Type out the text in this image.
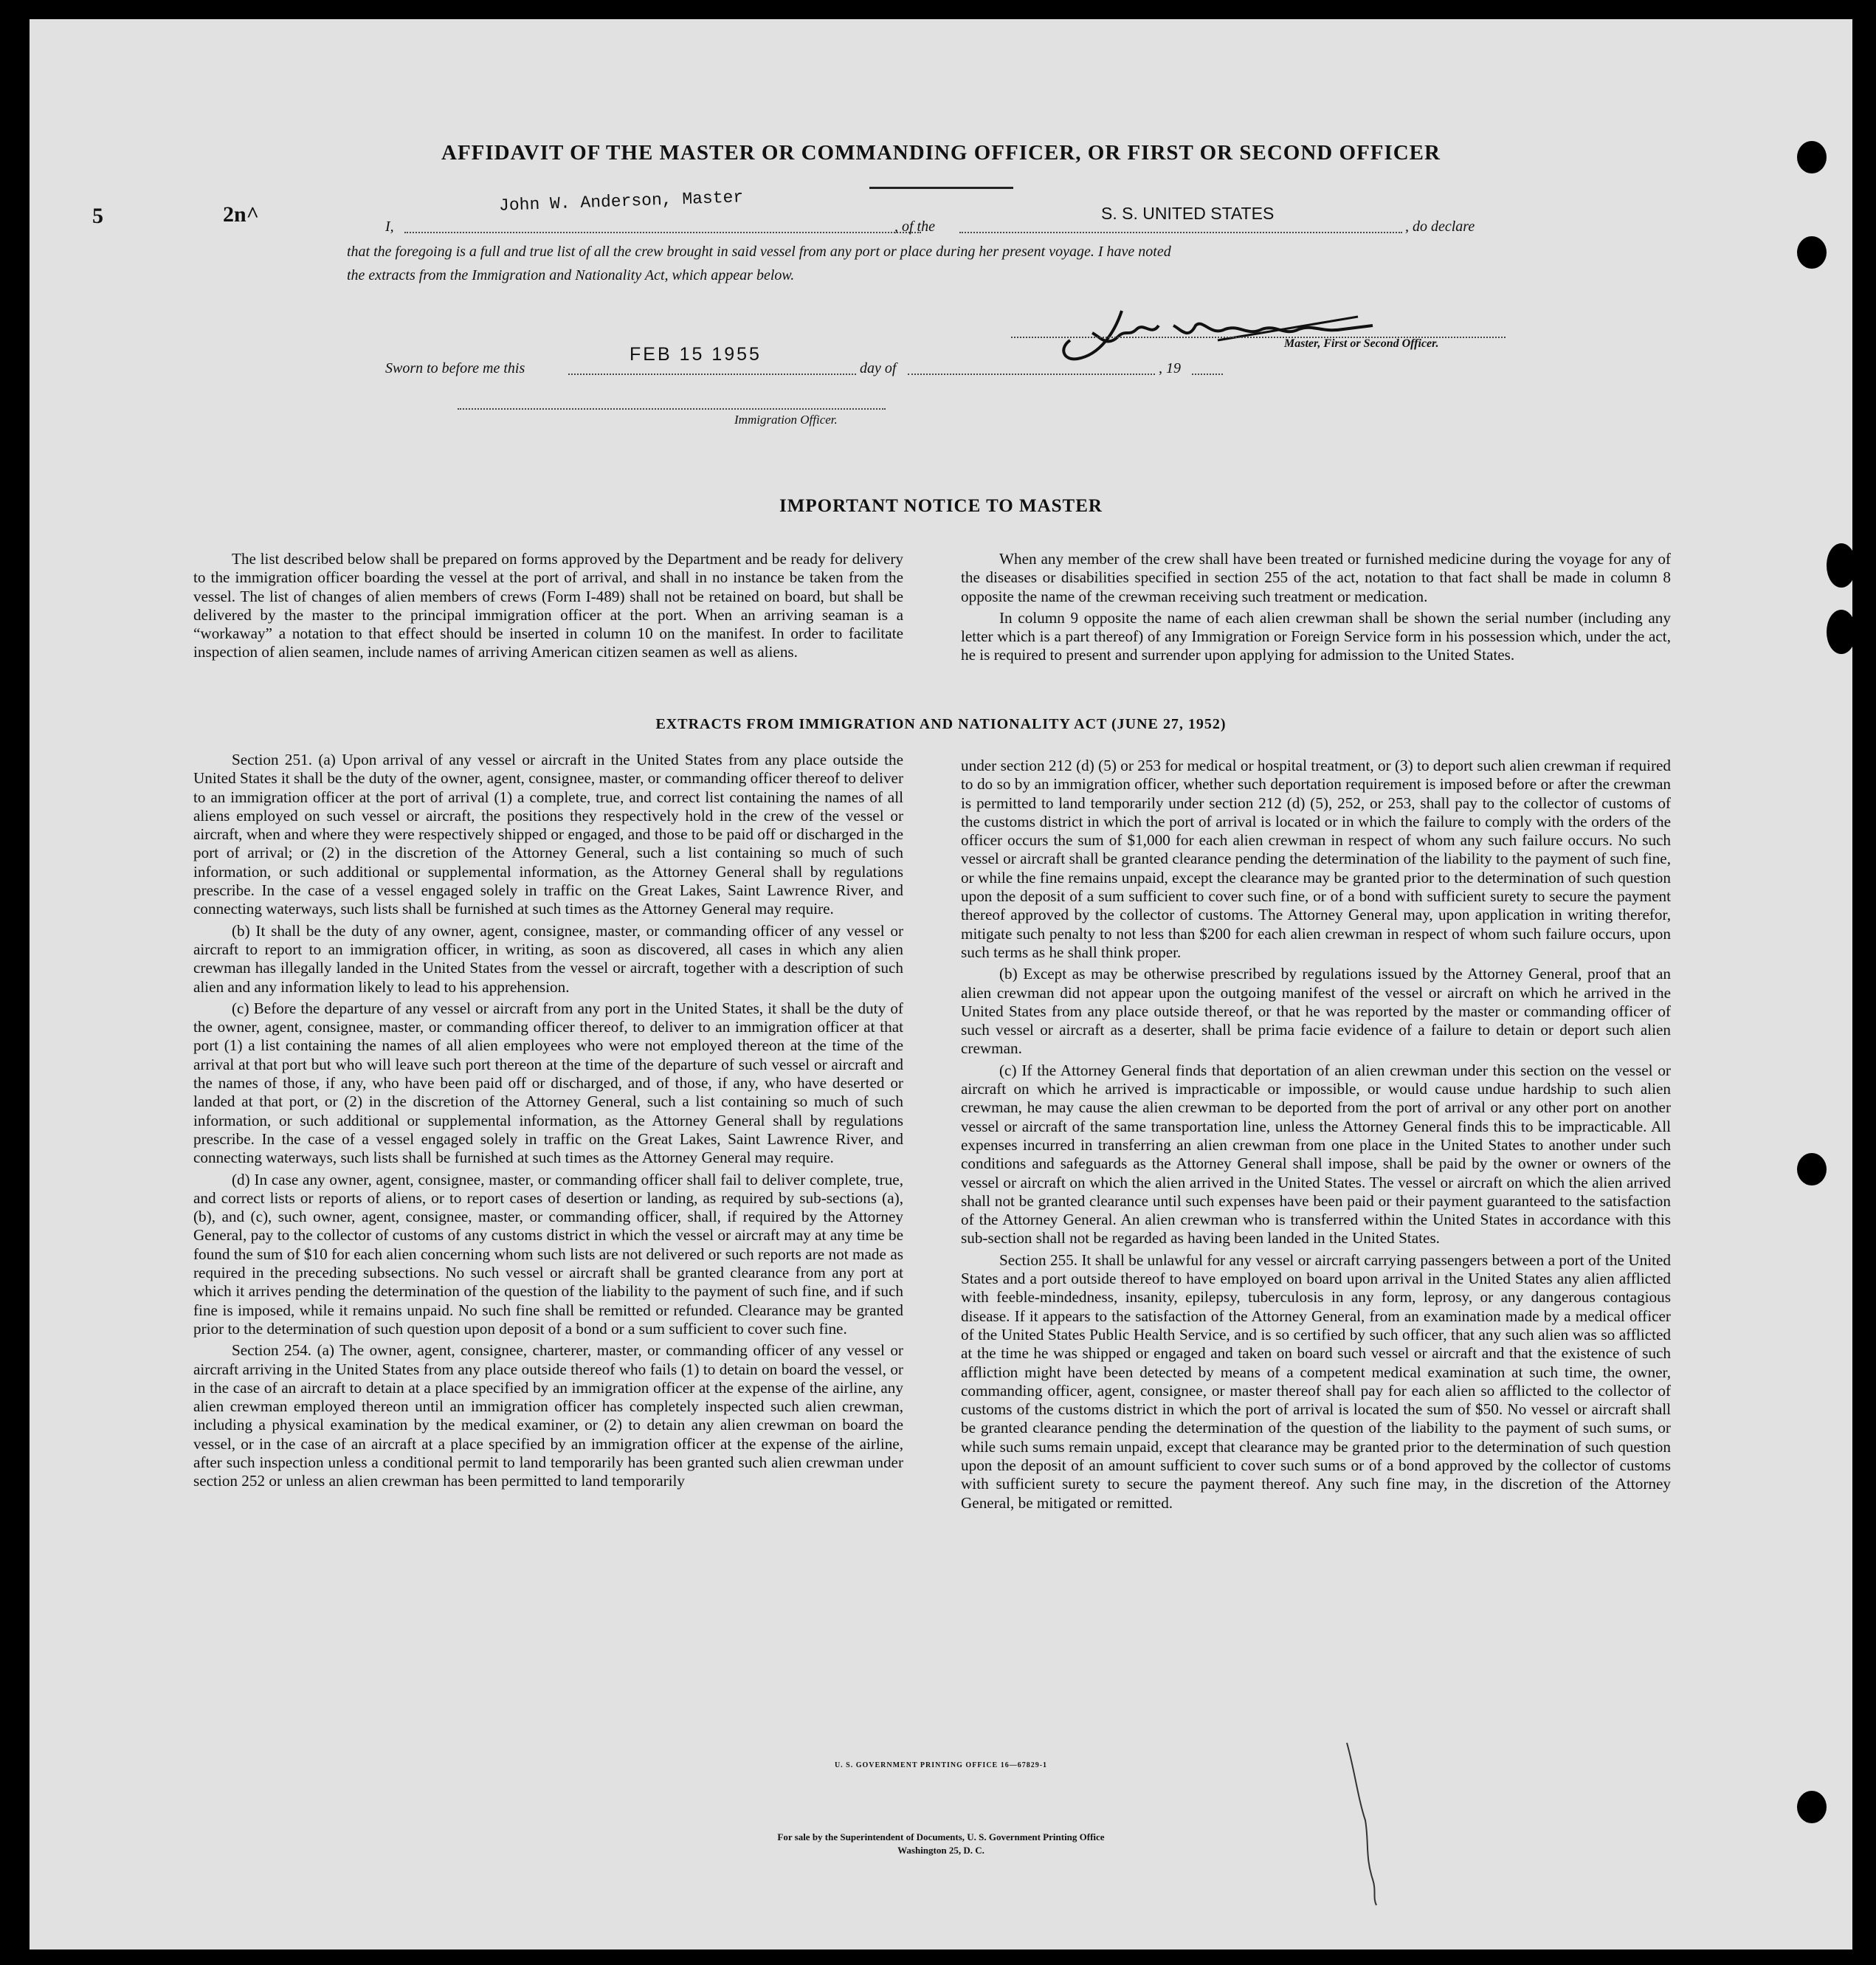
5	2n^
AFFIDAVIT OF THE MASTER OR COMMANDING OFFICER, OR FIRST OR SECOND OFFICER
John W. Anderson, Master	S. S. UNITED STATES
I,	, of the	, do declare
that the foregoing is a full and true list of all the crew brought in said vessel from any port or place during her present voyage. I have noted
the extracts from the Immigration and Nationality Act, which appear below.
Master, First or Second Officer.
Sworn to before me this
FEB 15 1955
day of	, 19
Immigration Officer.
IMPORTANT NOTICE TO MASTER

The list described below shall be prepared on forms approved by the Department and be ready for delivery to the immigration officer boarding the vessel at the port of arrival, and shall in no instance be taken from the vessel. The list of changes of alien members of crews (Form I-489) shall not be retained on board, but shall be delivered by the master to the principal immigration officer at the port. When an arriving seaman is a “workaway” a notation to that effect should be inserted in column 10 on the manifest. In order to facilitate inspection of alien seamen, include names of arriving American citizen seamen as well as aliens.

When any member of the crew shall have been treated or furnished medicine during the voyage for any of the diseases or disabilities specified in section 255 of the act, notation to that fact shall be made in column 8 opposite the name of the crewman receiving such treatment or medication.

In column 9 opposite the name of each alien crewman shall be shown the serial number (including any letter which is a part thereof) of any Immigration or Foreign Service form in his possession which, under the act, he is required to present and surrender upon applying for admission to the United States.

EXTRACTS FROM IMMIGRATION AND NATIONALITY ACT (JUNE 27, 1952)

Section 251. (a) Upon arrival of any vessel or aircraft in the United States from any place outside the United States it shall be the duty of the owner, agent, consignee, master, or commanding officer thereof to deliver to an immigration officer at the port of arrival (1) a complete, true, and correct list containing the names of all aliens employed on such vessel or aircraft, the positions they respectively hold in the crew of the vessel or aircraft, when and where they were respectively shipped or engaged, and those to be paid off or discharged in the port of arrival; or (2) in the discretion of the Attorney General, such a list containing so much of such information, or such additional or supplemental information, as the Attorney General shall by regulations prescribe. In the case of a vessel engaged solely in traffic on the Great Lakes, Saint Lawrence River, and connecting waterways, such lists shall be furnished at such times as the Attorney General may require.

(b) It shall be the duty of any owner, agent, consignee, master, or commanding officer of any vessel or aircraft to report to an immigration officer, in writing, as soon as discovered, all cases in which any alien crewman has illegally landed in the United States from the vessel or aircraft, together with a description of such alien and any information likely to lead to his apprehension.

(c) Before the departure of any vessel or aircraft from any port in the United States, it shall be the duty of the owner, agent, consignee, master, or commanding officer thereof, to deliver to an immigration officer at that port (1) a list containing the names of all alien employees who were not employed thereon at the time of the arrival at that port but who will leave such port thereon at the time of the departure of such vessel or aircraft and the names of those, if any, who have been paid off or discharged, and of those, if any, who have deserted or landed at that port, or (2) in the discretion of the Attorney General, such a list containing so much of such information, or such additional or supplemental information, as the Attorney General shall by regulations prescribe. In the case of a vessel engaged solely in traffic on the Great Lakes, Saint Lawrence River, and connecting waterways, such lists shall be furnished at such times as the Attorney General may require.

(d) In case any owner, agent, consignee, master, or commanding officer shall fail to deliver complete, true, and correct lists or reports of aliens, or to report cases of desertion or landing, as required by sub-sections (a), (b), and (c), such owner, agent, consignee, master, or commanding officer, shall, if required by the Attorney General, pay to the collector of customs of any customs district in which the vessel or aircraft may at any time be found the sum of $10 for each alien concerning whom such lists are not delivered or such reports are not made as required in the preceding subsections. No such vessel or aircraft shall be granted clearance from any port at which it arrives pending the determination of the question of the liability to the payment of such fine, and if such fine is imposed, while it remains unpaid. No such fine shall be remitted or refunded. Clearance may be granted prior to the determination of such question upon deposit of a bond or a sum sufficient to cover such fine.

Section 254. (a) The owner, agent, consignee, charterer, master, or commanding officer of any vessel or aircraft arriving in the United States from any place outside thereof who fails (1) to detain on board the vessel, or in the case of an aircraft to detain at a place specified by an immigration officer at the expense of the airline, any alien crewman employed thereon until an immigration officer has completely inspected such alien crewman, including a physical examination by the medical examiner, or (2) to detain any alien crewman on board the vessel, or in the case of an aircraft at a place specified by an immigration officer at the expense of the airline, after such inspection unless a conditional permit to land temporarily has been granted such alien crewman under section 252 or unless an alien crewman has been permitted to land temporarily

under section 212 (d) (5) or 253 for medical or hospital treatment, or (3) to deport such alien crewman if required to do so by an immigration officer, whether such deportation requirement is imposed before or after the crewman is permitted to land temporarily under section 212 (d) (5), 252, or 253, shall pay to the collector of customs of the customs district in which the port of arrival is located or in which the failure to comply with the orders of the officer occurs the sum of $1,000 for each alien crewman in respect of whom any such failure occurs. No such vessel or aircraft shall be granted clearance pending the determination of the liability to the payment of such fine, or while the fine remains unpaid, except the clearance may be granted prior to the determination of such question upon the deposit of a sum sufficient to cover such fine, or of a bond with sufficient surety to secure the payment thereof approved by the collector of customs. The Attorney General may, upon application in writing therefor, mitigate such penalty to not less than $200 for each alien crewman in respect of whom such failure occurs, upon such terms as he shall think proper.

(b) Except as may be otherwise prescribed by regulations issued by the Attorney General, proof that an alien crewman did not appear upon the outgoing manifest of the vessel or aircraft on which he arrived in the United States from any place outside thereof, or that he was reported by the master or commanding officer of such vessel or aircraft as a deserter, shall be prima facie evidence of a failure to detain or deport such alien crewman.

(c) If the Attorney General finds that deportation of an alien crewman under this section on the vessel or aircraft on which he arrived is impracticable or impossible, or would cause undue hardship to such alien crewman, he may cause the alien crewman to be deported from the port of arrival or any other port on another vessel or aircraft of the same transportation line, unless the Attorney General finds this to be impracticable. All expenses incurred in transferring an alien crewman from one place in the United States to another under such conditions and safeguards as the Attorney General shall impose, shall be paid by the owner or owners of the vessel or aircraft on which the alien arrived in the United States. The vessel or aircraft on which the alien arrived shall not be granted clearance until such expenses have been paid or their payment guaranteed to the satisfaction of the Attorney General. An alien crewman who is transferred within the United States in accordance with this sub-section shall not be regarded as having been landed in the United States.

Section 255. It shall be unlawful for any vessel or aircraft carrying passengers between a port of the United States and a port outside thereof to have employed on board upon arrival in the United States any alien afflicted with feeble-mindedness, insanity, epilepsy, tuberculosis in any form, leprosy, or any dangerous contagious disease. If it appears to the satisfaction of the Attorney General, from an examination made by a medical officer of the United States Public Health Service, and is so certified by such officer, that any such alien was so afflicted at the time he was shipped or engaged and taken on board such vessel or aircraft and that the existence of such affliction might have been detected by means of a competent medical examination at such time, the owner, commanding officer, agent, consignee, or master thereof shall pay for each alien so afflicted to the collector of customs of the customs district in which the port of arrival is located the sum of $50. No vessel or aircraft shall be granted clearance pending the determination of the question of the liability to the payment of such sums, or while such sums remain unpaid, except that clearance may be granted prior to the determination of such question upon the deposit of an amount sufficient to cover such sums or of a bond approved by the collector of customs with sufficient surety to secure the payment thereof. Any such fine may, in the discretion of the Attorney General, be mitigated or remitted.

U. S. GOVERNMENT PRINTING OFFICE 16—67829-1
For sale by the Superintendent of Documents, U. S. Government Printing Office
Washington 25, D. C.
